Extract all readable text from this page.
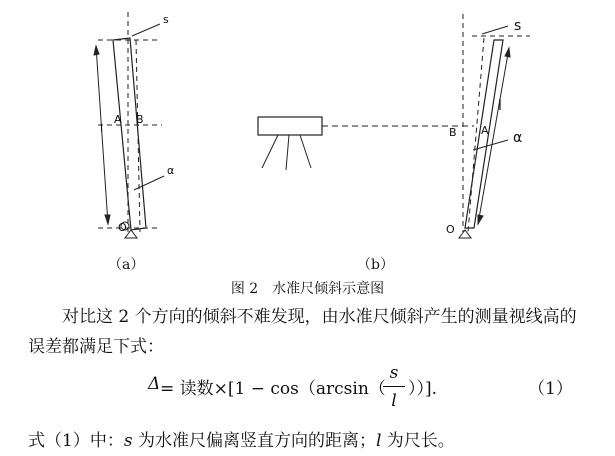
s
l
A B
α
O
s
l
B A α
O
（a）	（b）
图 2　水准尺倾斜示意图
对比这 2 个方向的倾斜不难发现，由水准尺倾斜产生的测量视线高的误差都满足下式：
Δ = 读数×[1 − cos（arcsin（
s
l
））].	（1）
式（1）中：s 为水准尺偏离竖直方向的距离；l 为尺长。
